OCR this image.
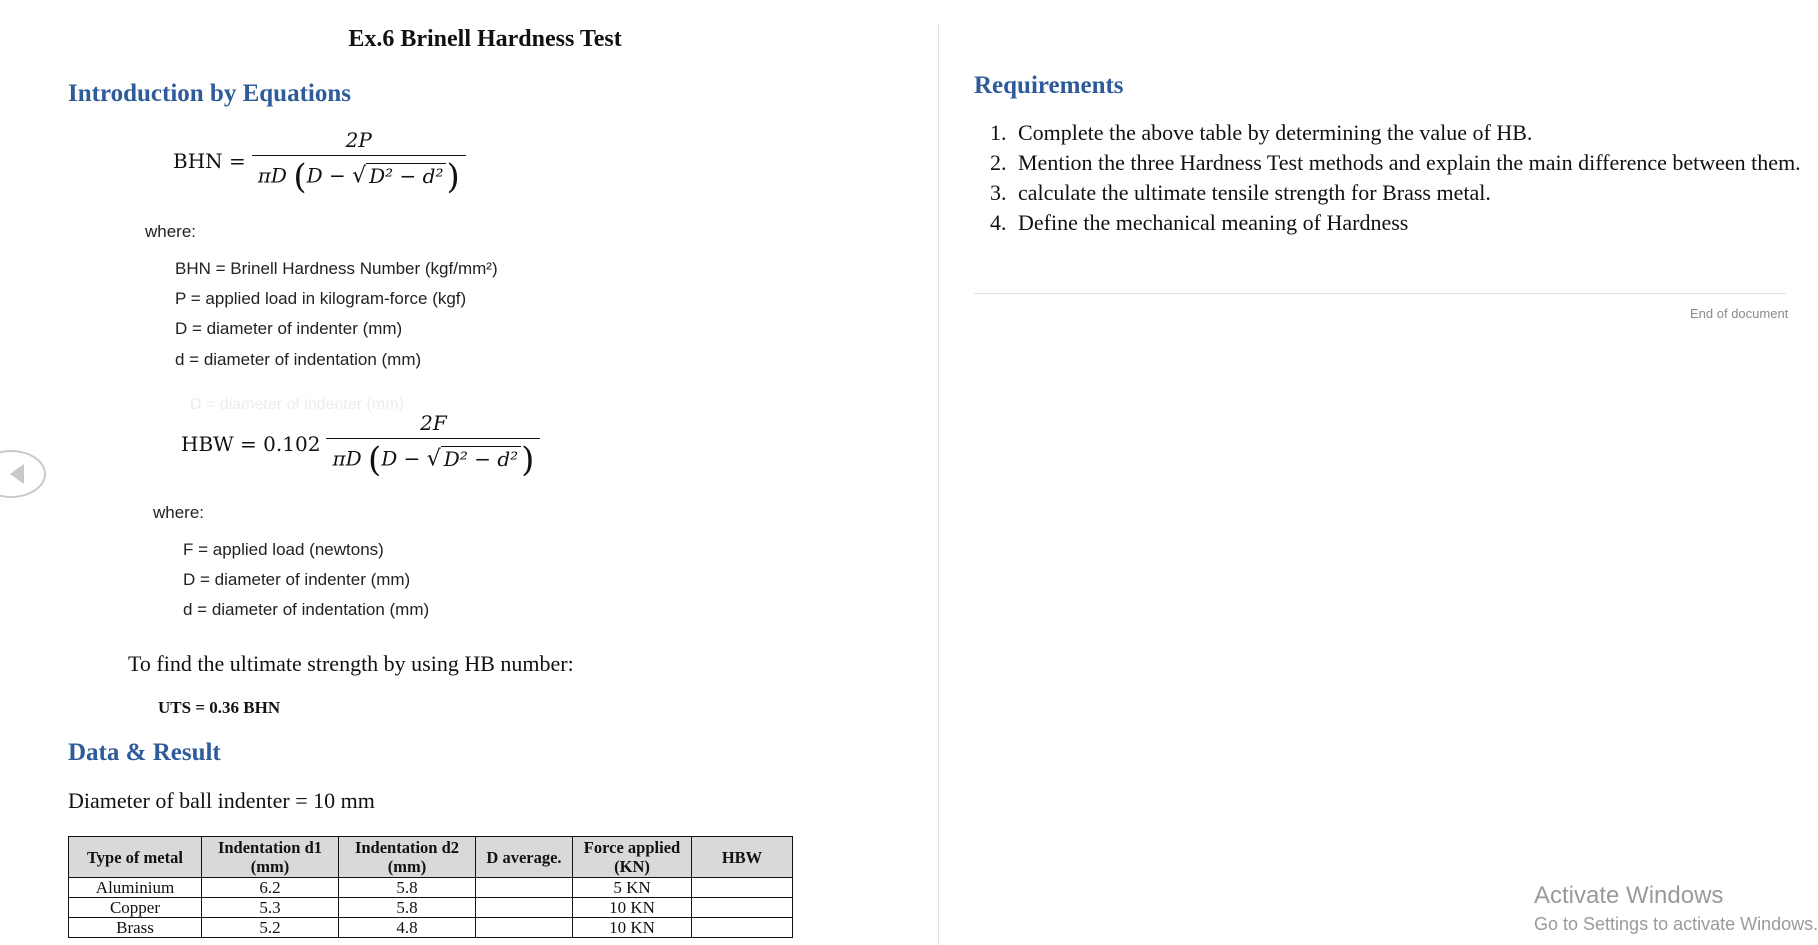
Ex.6 Brinell Hardness Test
Introduction by Equations
BHN = $\frac{2P}{\text{πD (D − √ D² − d²)}}$
where:
BHN = Brinell Hardness Number (kgf/mm²)
P = applied load in kilogram-force (kgf)
D = diameter of indenter (mm)
d = diameter of indentation (mm)
D = diameter of indenter (mm)
HBW = $0.102 \frac{2F}{\text{πD (D − √ D² − d²)}}$
where:
F = applied load (newtons)
D = diameter of indenter (mm)
d = diameter of indentation (mm)
To find the ultimate strength by using HB number:
UTS = 0.36 BHN
Data & Result
Diameter of ball indenter = 10 mm
Type of metal	Indentation d1 (mm)	Indentation d2 (mm)	D average.	Force applied (KN)	HBW
Aluminium	6.2	5.8		5 KN	
Copper	5.3	5.8		10 KN	
Brass	5.2	4.8		10 KN	
Requirements
1. Complete the above table by determining the value of HB.
2. Mention the three Hardness Test methods and explain the main difference between them.
3. calculate the ultimate tensile strength for Brass metal.
4. Define the mechanical meaning of Hardness
End of document
Activate Windows
Go to Settings to activate Windows.
